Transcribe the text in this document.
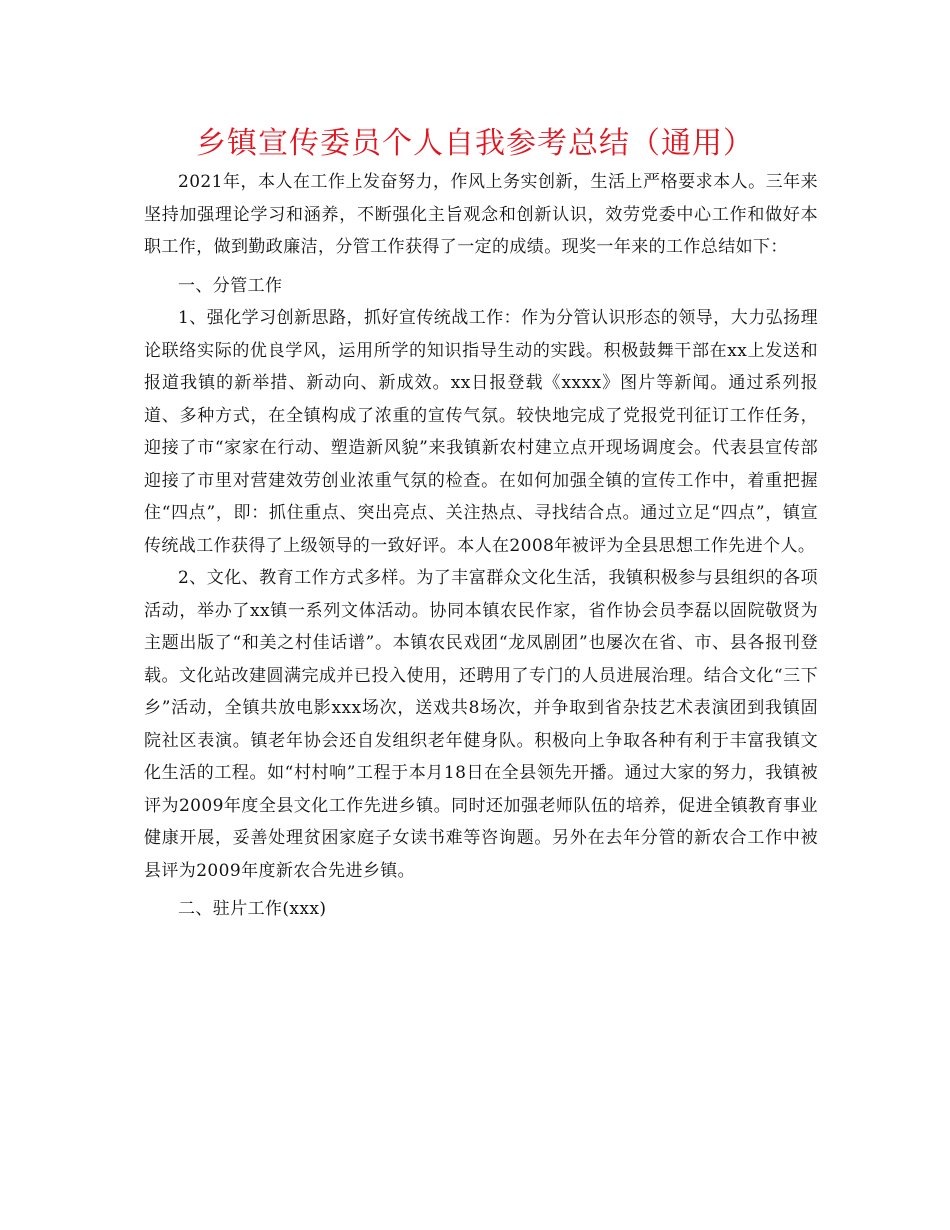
乡镇宣传委员个人自我参考总结（通用）

2021年，本人在工作上发奋努力，作风上务实创新，生活上严格要求本人。三年来坚持加强理论学习和涵养，不断强化主旨观念和创新认识，效劳党委中心工作和做好本职工作，做到勤政廉洁，分管工作获得了一定的成绩。现奖一年来的工作总结如下：

一、分管工作

1、强化学习创新思路，抓好宣传统战工作：作为分管认识形态的领导，大力弘扬理论联络实际的优良学风，运用所学的知识指导生动的实践。积极鼓舞干部在xx上发送和报道我镇的新举措、新动向、新成效。xx日报登载《xxxx》图片等新闻。通过系列报道、多种方式，在全镇构成了浓重的宣传气氛。较快地完成了党报党刊征订工作任务，迎接了市“家家在行动、塑造新风貌”来我镇新农村建立点开现场调度会。代表县宣传部迎接了市里对营建效劳创业浓重气氛的检查。在如何加强全镇的宣传工作中，着重把握住“四点”，即：抓住重点、突出亮点、关注热点、寻找结合点。通过立足“四点”，镇宣传统战工作获得了上级领导的一致好评。本人在2008年被评为全县思想工作先进个人。

2、文化、教育工作方式多样。为了丰富群众文化生活，我镇积极参与县组织的各项活动，举办了xx镇一系列文体活动。协同本镇农民作家，省作协会员李磊以固院敬贤为主题出版了“和美之村佳话谱”。本镇农民戏团“龙凤剧团”也屡次在省、市、县各报刊登载。文化站改建圆满完成并已投入使用，还聘用了专门的人员进展治理。结合文化“三下乡”活动，全镇共放电影xxx场次，送戏共8场次，并争取到省杂技艺术表演团到我镇固院社区表演。镇老年协会还自发组织老年健身队。积极向上争取各种有利于丰富我镇文化生活的工程。如“村村响”工程于本月18日在全县领先开播。通过大家的努力，我镇被评为2009年度全县文化工作先进乡镇。同时还加强老师队伍的培养，促进全镇教育事业健康开展，妥善处理贫困家庭子女读书难等咨询题。另外在去年分管的新农合工作中被县评为2009年度新农合先进乡镇。

二、驻片工作(xxx)
